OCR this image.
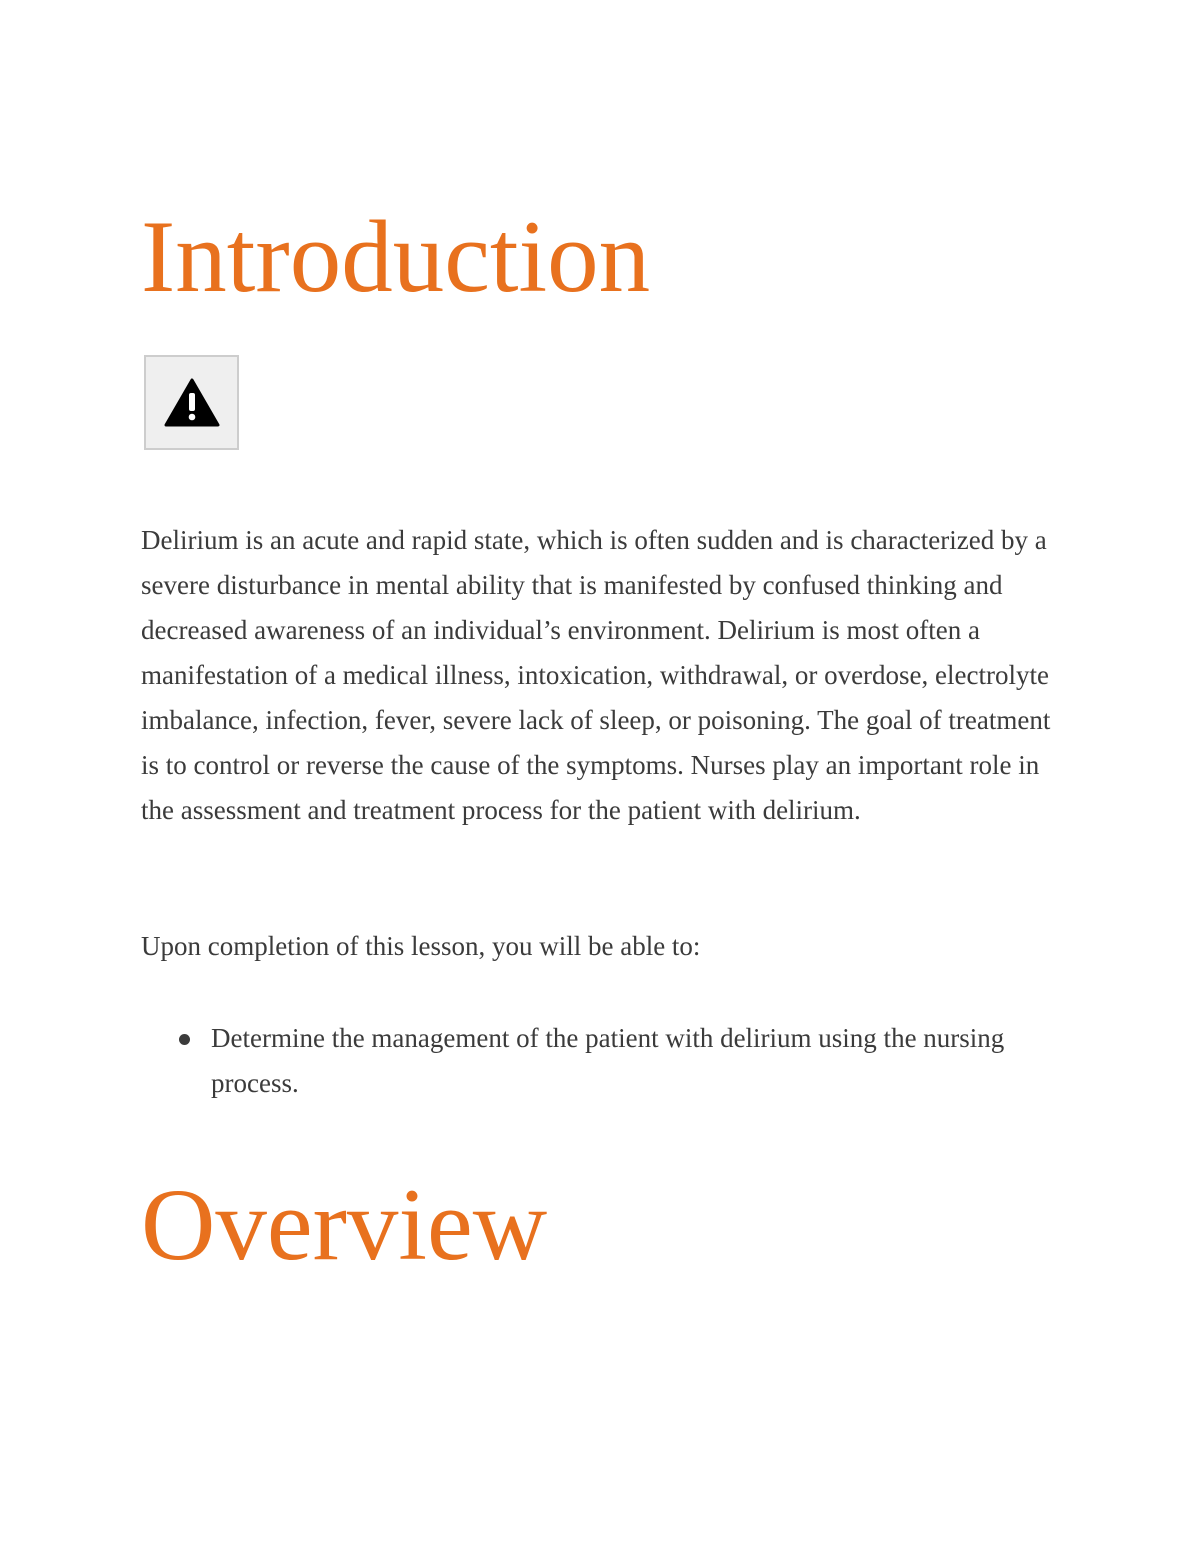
Introduction

Delirium is an acute and rapid state, which is often sudden and is characterized by a severe disturbance in mental ability that is manifested by confused thinking and decreased awareness of an individual’s environment. Delirium is most often a manifestation of a medical illness, intoxication, withdrawal, or overdose, electrolyte imbalance, infection, fever, severe lack of sleep, or poisoning. The goal of treatment is to control or reverse the cause of the symptoms. Nurses play an important role in the assessment and treatment process for the patient with delirium.

Upon completion of this lesson, you will be able to:

Determine the management of the patient with delirium using the nursing process.
Overview
